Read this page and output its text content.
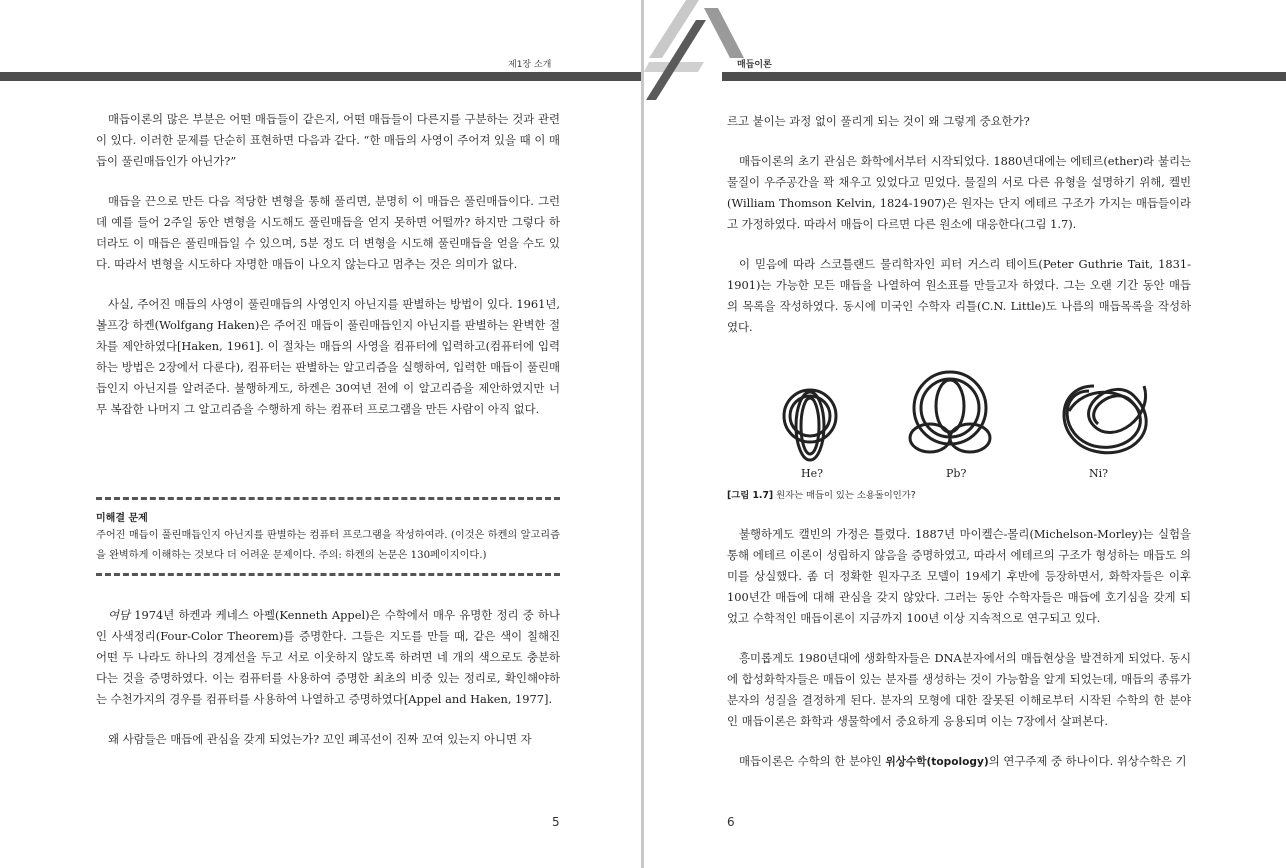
제1장 소개

매듭이론의 많은 부분은 어떤 매듭들이 같은지, 어떤 매듭들이 다른지를 구분하는 것과 관련이 있다. 이러한 문제를 단순히 표현하면 다음과 같다. “한 매듭의 사영이 주어져 있을 때 이 매듭이 풀린매듭인가 아닌가?”

매듭을 끈으로 만든 다음 적당한 변형을 통해 풀리면, 분명히 이 매듭은 풀린매듭이다. 그런데 예를 들어 2주일 동안 변형을 시도해도 풀린매듭을 얻지 못하면 어떨까? 하지만 그렇다 하더라도 이 매듭은 풀린매듭일 수 있으며, 5분 정도 더 변형을 시도해 풀린매듭을 얻을 수도 있다. 따라서 변형을 시도하다 자명한 매듭이 나오지 않는다고 멈추는 것은 의미가 없다.

사실, 주어진 매듭의 사영이 풀린매듭의 사영인지 아닌지를 판별하는 방법이 있다. 1961년, 볼프강 하켄(Wolfgang Haken)은 주어진 매듭이 풀린매듭인지 아닌지를 판별하는 완벽한 절차를 제안하였다[Haken, 1961]. 이 절차는 매듭의 사영을 컴퓨터에 입력하고(컴퓨터에 입력하는 방법은 2장에서 다룬다), 컴퓨터는 판별하는 알고리즘을 실행하여, 입력한 매듭이 풀린매듭인지 아닌지를 알려준다. 불행하게도, 하켄은 30여년 전에 이 알고리즘을 제안하였지만 너무 복잡한 나머지 그 알고리즘을 수행하게 하는 컴퓨터 프로그램을 만든 사람이 아직 없다.

미해결 문제
주어진 매듭이 풀린매듭인지 아닌지를 판별하는 컴퓨터 프로그램을 작성하여라. (이것은 하켄의 알고리즘을 완벽하게 이해하는 것보다 더 어려운 문제이다. 주의: 하켄의 논문은 130페이지이다.)

여담 1974년 하켄과 케네스 아펠(Kenneth Appel)은 수학에서 매우 유명한 정리 중 하나인 사색정리(Four-Color Theorem)를 증명한다. 그들은 지도를 만들 때, 같은 색이 칠해진 어떤 두 나라도 하나의 경계선을 두고 서로 이웃하지 않도록 하려면 네 개의 색으로도 충분하다는 것을 증명하였다. 이는 컴퓨터를 사용하여 증명한 최초의 비중 있는 정리로, 확인해야하는 수천가지의 경우를 컴퓨터를 사용하여 나열하고 증명하였다[Appel and Haken, 1977].

왜 사람들은 매듭에 관심을 갖게 되었는가? 꼬인 폐곡선이 진짜 꼬여 있는지 아니면 자

5
매듭이론

르고 붙이는 과정 없이 풀리게 되는 것이 왜 그렇게 중요한가?

매듭이론의 초기 관심은 화학에서부터 시작되었다. 1880년대에는 에테르(ether)라 불리는 물질이 우주공간을 꽉 채우고 있었다고 믿었다. 물질의 서로 다른 유형을 설명하기 위해, 켈빈(William Thomson Kelvin, 1824-1907)은 원자는 단지 에테르 구조가 가지는 매듭들이라고 가정하였다. 따라서 매듭이 다르면 다른 원소에 대응한다(그림 1.7).

이 믿음에 따라 스코틀랜드 물리학자인 피터 거스리 테이트(Peter Guthrie Tait, 1831-1901)는 가능한 모든 매듭을 나열하여 원소표를 만들고자 하였다. 그는 오랜 기간 동안 매듭의 목록을 작성하였다. 동시에 미국인 수학자 리틀(C.N. Little)도 나름의 매듭목록을 작성하였다.

He?	Pb?	Ni?
[그림 1.7] 원자는 매듭이 있는 소용돌이인가?

불행하게도 캘빈의 가정은 틀렸다. 1887년 마이켈슨-몰리(Michelson-Morley)는 실험을 통해 에테르 이론이 성립하지 않음을 증명하였고, 따라서 에테르의 구조가 형성하는 매듭도 의미를 상실했다. 좀 더 정확한 원자구조 모델이 19세기 후반에 등장하면서, 화학자들은 이후 100년간 매듭에 대해 관심을 갖지 않았다. 그러는 동안 수학자들은 매듭에 호기심을 갖게 되었고 수학적인 매듭이론이 지금까지 100년 이상 지속적으로 연구되고 있다.

흥미롭게도 1980년대에 생화학자들은 DNA분자에서의 매듭현상을 발견하게 되었다. 동시에 합성화학자들은 매듭이 있는 분자를 생성하는 것이 가능함을 알게 되었는데, 매듭의 종류가 분자의 성질을 결정하게 된다. 분자의 모형에 대한 잘못된 이해로부터 시작된 수학의 한 분야인 매듭이론은 화학과 생물학에서 중요하게 응용되며 이는 7장에서 살펴본다.

매듭이론은 수학의 한 분야인 위상수학(topology)의 연구주제 중 하나이다. 위상수학은 기

6
